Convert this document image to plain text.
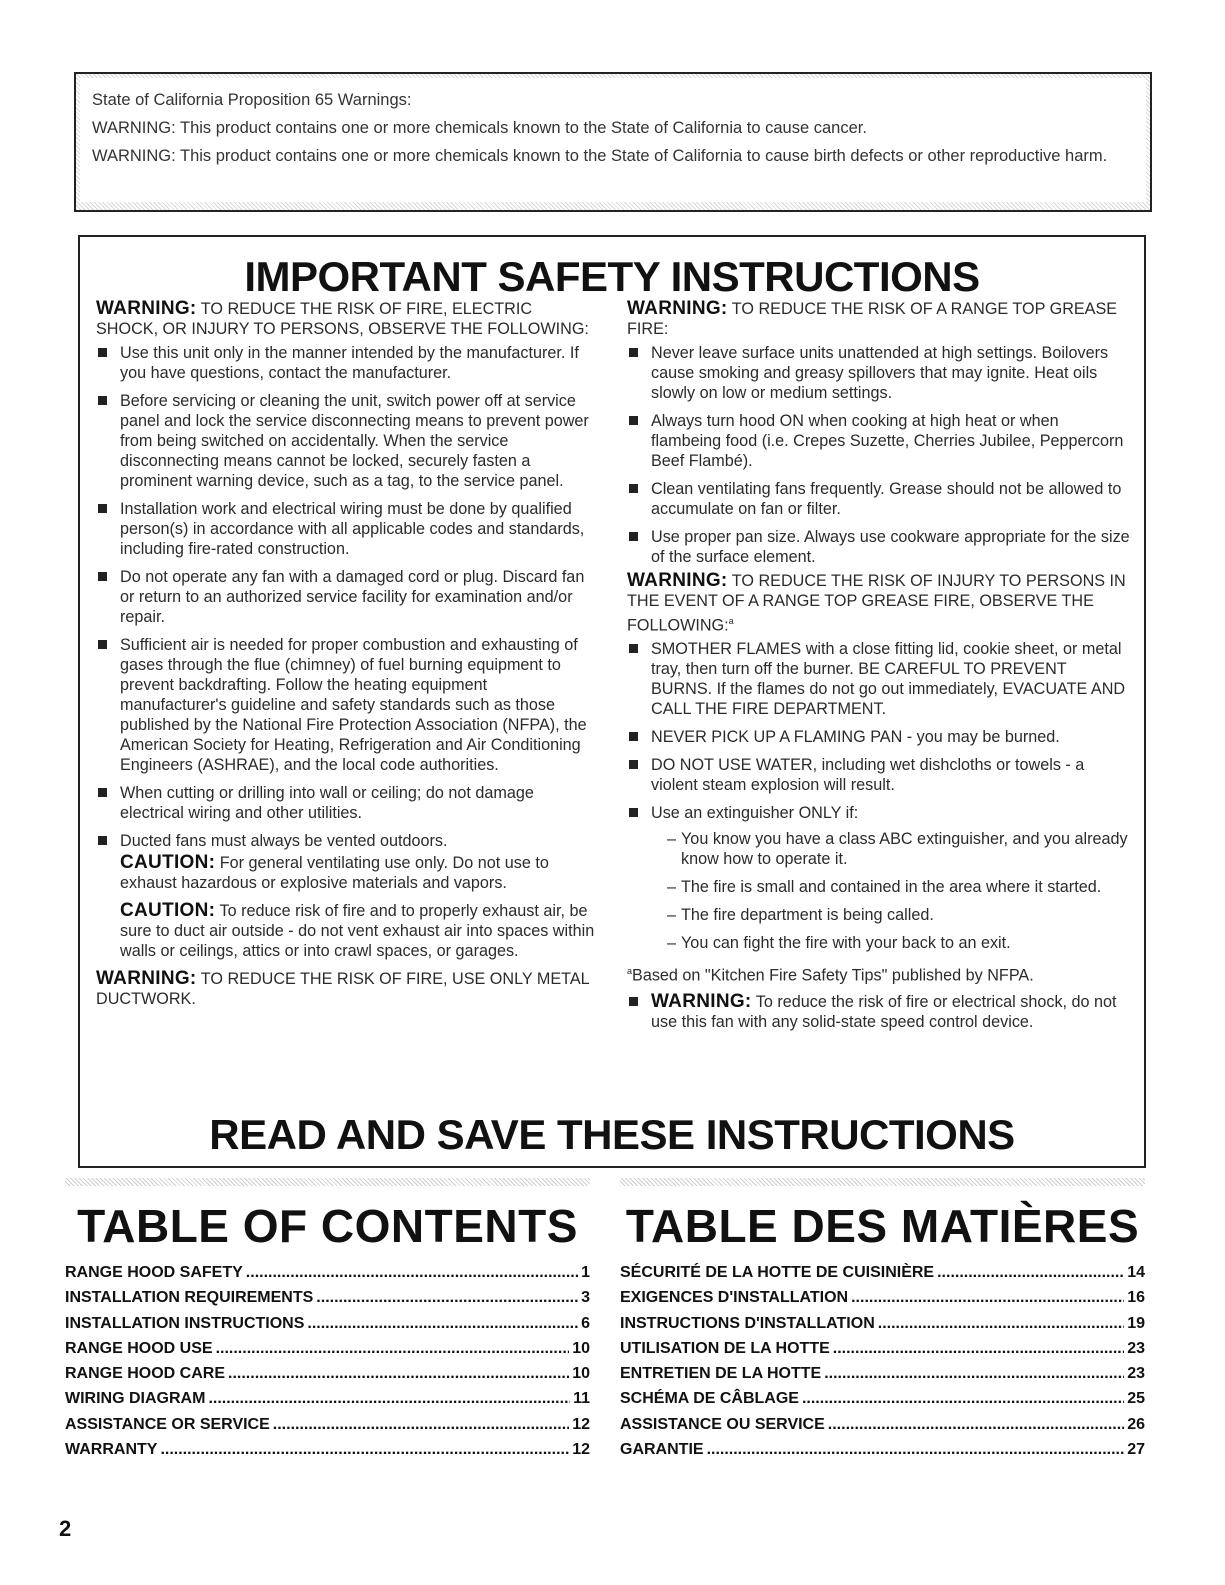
State of California Proposition 65 Warnings:

WARNING: This product contains one or more chemicals known to the State of California to cause cancer.

WARNING: This product contains one or more chemicals known to the State of California to cause birth defects or other reproductive harm.

IMPORTANT SAFETY INSTRUCTIONS

WARNING: TO REDUCE THE RISK OF FIRE, ELECTRIC SHOCK, OR INJURY TO PERSONS, OBSERVE THE FOLLOWING:

Use this unit only in the manner intended by the manufacturer. If you have questions, contact the manufacturer.
Before servicing or cleaning the unit, switch power off at service panel and lock the service disconnecting means to prevent power from being switched on accidentally. When the service disconnecting means cannot be locked, securely fasten a prominent warning device, such as a tag, to the service panel.
Installation work and electrical wiring must be done by qualified person(s) in accordance with all applicable codes and standards, including fire-rated construction.
Do not operate any fan with a damaged cord or plug. Discard fan or return to an authorized service facility for examination and/or repair.
Sufficient air is needed for proper combustion and exhausting of gases through the flue (chimney) of fuel burning equipment to prevent backdrafting. Follow the heating equipment manufacturer's guideline and safety standards such as those published by the National Fire Protection Association (NFPA), the American Society for Heating, Refrigeration and Air Conditioning Engineers (ASHRAE), and the local code authorities.
When cutting or drilling into wall or ceiling; do not damage electrical wiring and other utilities.
Ducted fans must always be vented outdoors.

CAUTION: For general ventilating use only. Do not use to exhaust hazardous or explosive materials and vapors.

CAUTION: To reduce risk of fire and to properly exhaust air, be sure to duct air outside - do not vent exhaust air into spaces within walls or ceilings, attics or into crawl spaces, or garages.

WARNING: TO REDUCE THE RISK OF FIRE, USE ONLY METAL DUCTWORK.

WARNING: TO REDUCE THE RISK OF A RANGE TOP GREASE FIRE:

Never leave surface units unattended at high settings. Boilovers cause smoking and greasy spillovers that may ignite. Heat oils slowly on low or medium settings.
Always turn hood ON when cooking at high heat or when flambeing food (i.e. Crepes Suzette, Cherries Jubilee, Peppercorn Beef Flambé).
Clean ventilating fans frequently. Grease should not be allowed to accumulate on fan or filter.
Use proper pan size. Always use cookware appropriate for the size of the surface element.

WARNING: TO REDUCE THE RISK OF INJURY TO PERSONS IN THE EVENT OF A RANGE TOP GREASE FIRE, OBSERVE THE FOLLOWING:$^a$

SMOTHER FLAMES with a close fitting lid, cookie sheet, or metal tray, then turn off the burner. BE CAREFUL TO PREVENT BURNS. If the flames do not go out immediately, EVACUATE AND CALL THE FIRE DEPARTMENT.
NEVER PICK UP A FLAMING PAN - you may be burned.
DO NOT USE WATER, including wet dishcloths or towels - a violent steam explosion will result.
Use an extinguisher ONLY if:
– You know you have a class ABC extinguisher, and you already know how to operate it.
– The fire is small and contained in the area where it started.
– The fire department is being called.
– You can fight the fire with your back to an exit.

$^a$Based on "Kitchen Fire Safety Tips" published by NFPA.

WARNING: To reduce the risk of fire or electrical shock, do not use this fan with any solid-state speed control device.
READ AND SAVE THESE INSTRUCTIONS
TABLE OF CONTENTS
RANGE HOOD SAFETY .....	1
INSTALLATION REQUIREMENTS .....	3
INSTALLATION INSTRUCTIONS .....	6
RANGE HOOD USE .....	10
RANGE HOOD CARE .....	10
WIRING DIAGRAM .....	11
ASSISTANCE OR SERVICE .....	12
WARRANTY .....	12
TABLE DES MATIÈRES
SÉCURITÉ DE LA HOTTE DE CUISINIÈRE .....	14
EXIGENCES D'INSTALLATION .....	16
INSTRUCTIONS D'INSTALLATION .....	19
UTILISATION DE LA HOTTE .....	23
ENTRETIEN DE LA HOTTE .....	23
SCHÉMA DE CÂBLAGE .....	25
ASSISTANCE OU SERVICE .....	26
GARANTIE .....	27
2
